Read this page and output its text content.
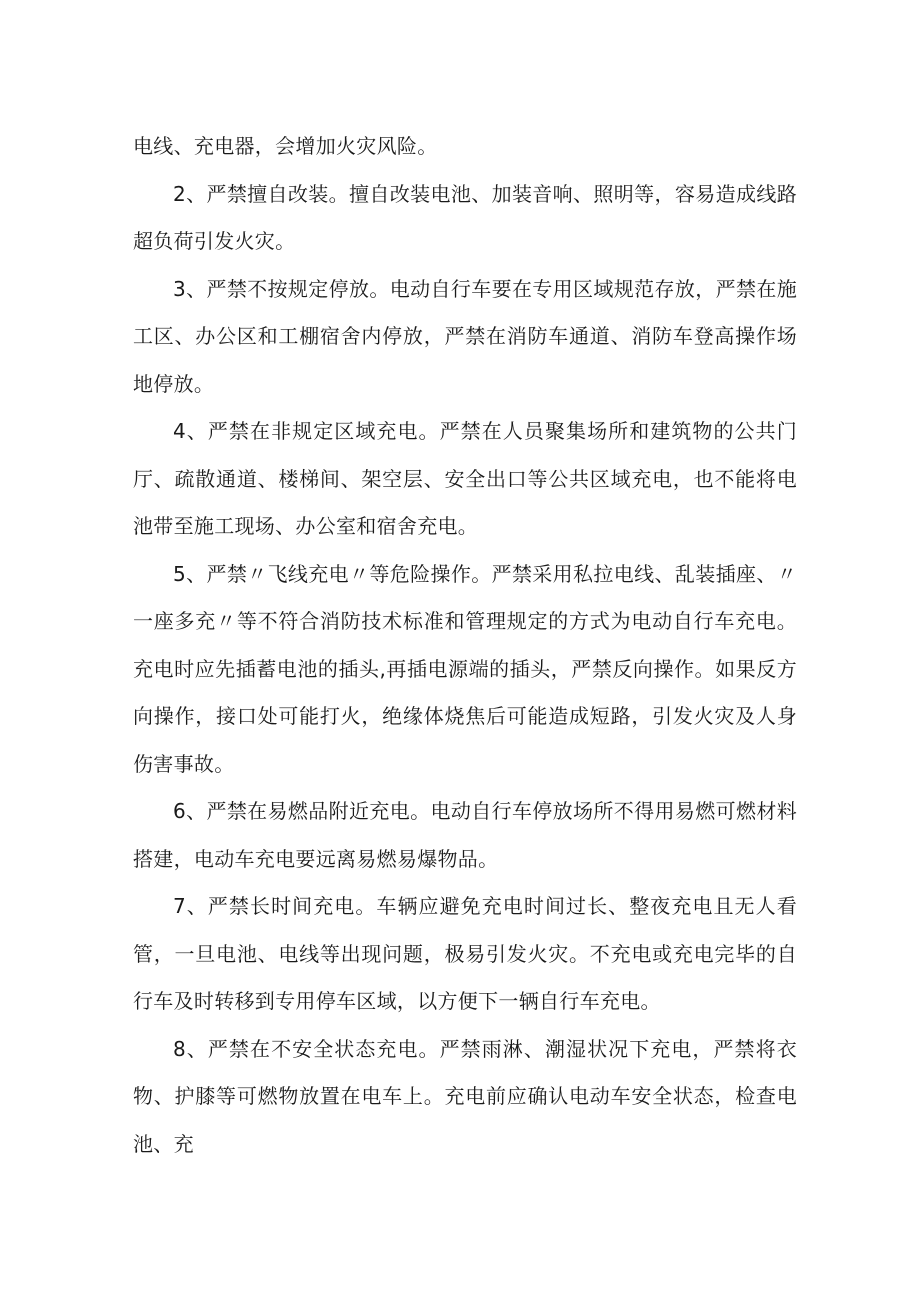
电线、充电器，会增加火灾风险。

2、严禁擅自改装。擅自改装电池、加装音响、照明等，容易造成线路超负荷引发火灾。

3、严禁不按规定停放。电动自行车要在专用区域规范存放，严禁在施工区、办公区和工棚宿舍内停放，严禁在消防车通道、消防车登高操作场地停放。

4、严禁在非规定区域充电。严禁在人员聚集场所和建筑物的公共门厅、疏散通道、楼梯间、架空层、安全出口等公共区域充电，也不能将电池带至施工现场、办公室和宿舍充电。

5、严禁〃飞线充电〃等危险操作。严禁采用私拉电线、乱装插座、〃一座多充〃等不符合消防技术标准和管理规定的方式为电动自行车充电。充电时应先插蓄电池的插头,再插电源端的插头，严禁反向操作。如果反方向操作，接口处可能打火，绝缘体烧焦后可能造成短路，引发火灾及人身伤害事故。

6、严禁在易燃品附近充电。电动自行车停放场所不得用易燃可燃材料搭建，电动车充电要远离易燃易爆物品。

7、严禁长时间充电。车辆应避免充电时间过长、整夜充电且无人看管，一旦电池、电线等出现问题，极易引发火灾。不充电或充电完毕的自行车及时转移到专用停车区域，以方便下一辆自行车充电。

8、严禁在不安全状态充电。严禁雨淋、潮湿状况下充电，严禁将衣物、护膝等可燃物放置在电车上。充电前应确认电动车安全状态，检查电池、充
